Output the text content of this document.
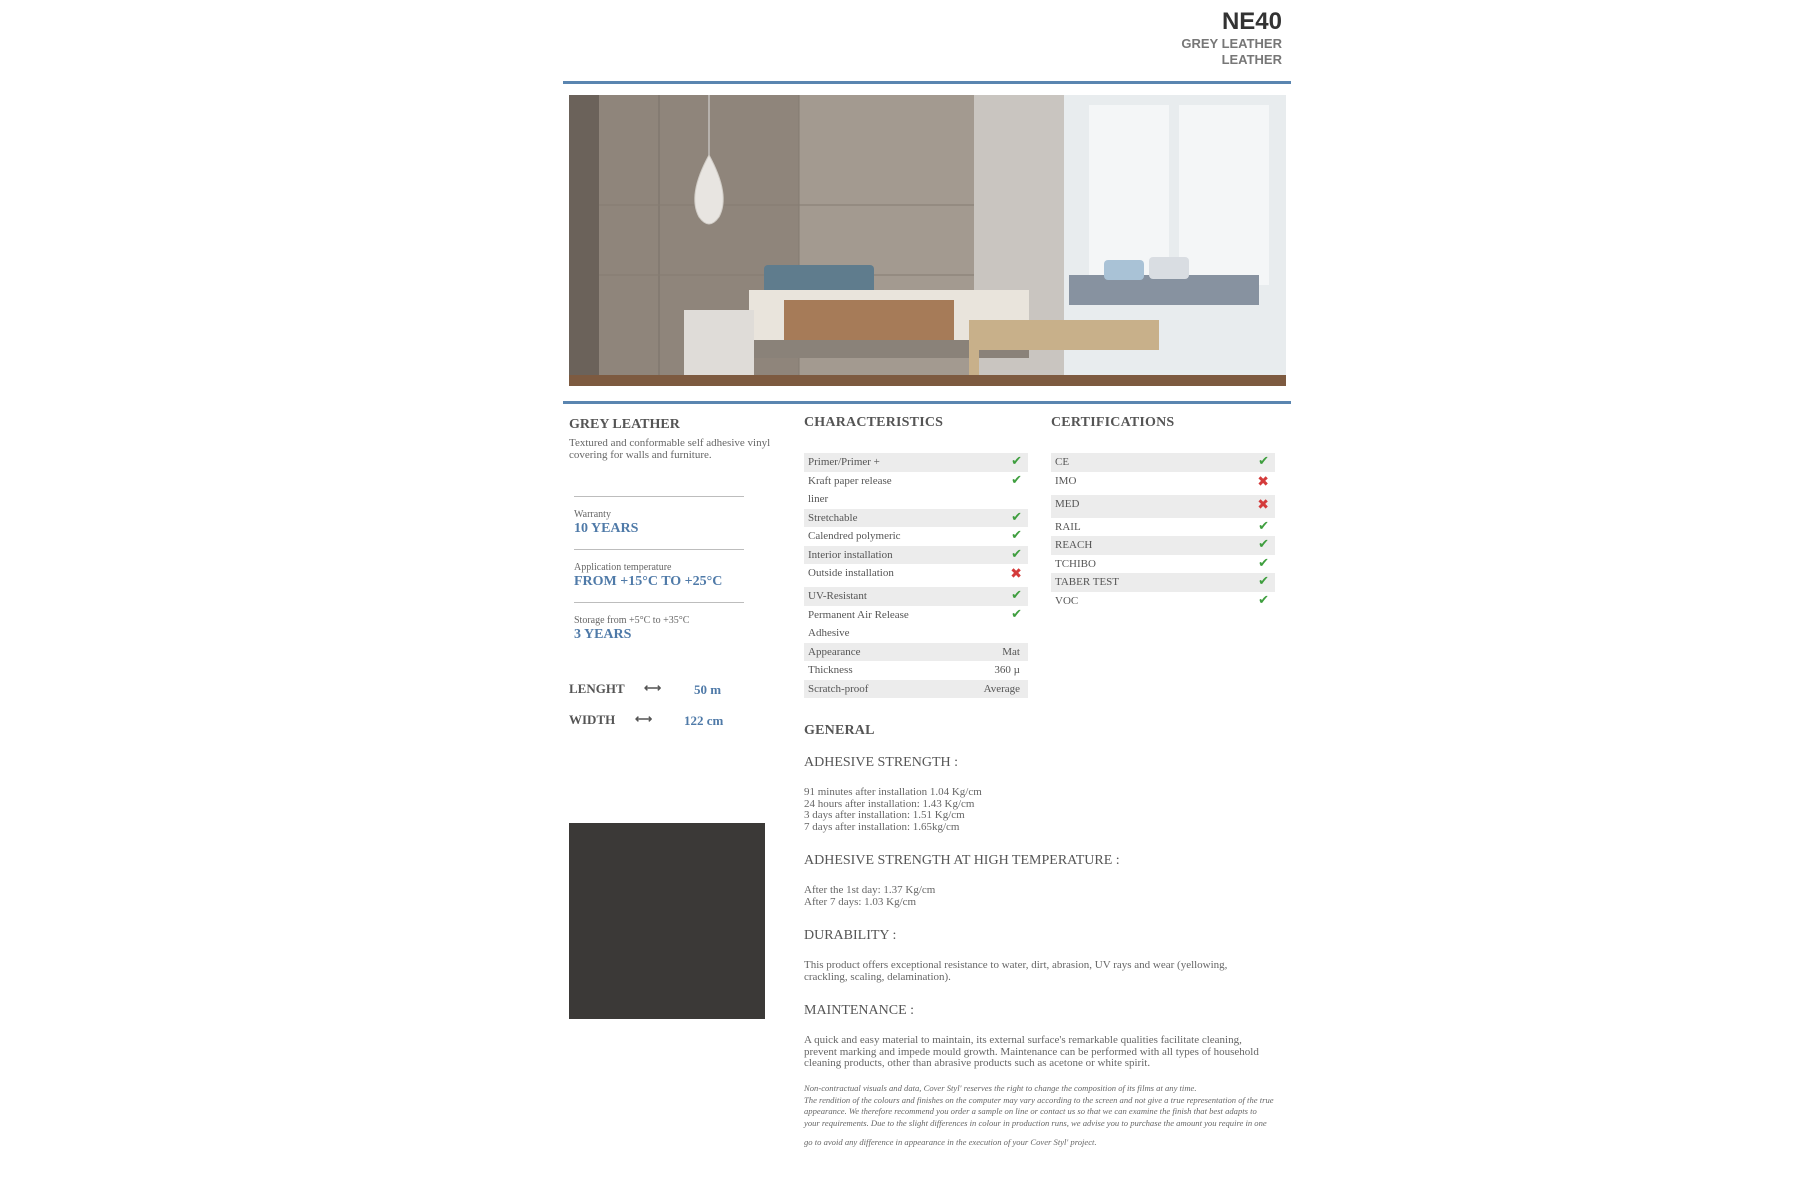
NE40
GREY LEATHER
LEATHER
GREY LEATHER
Textured and conformable self adhesive vinyl covering for walls and furniture.
Warranty
10 YEARS
Application temperature
FROM +15°C TO +25°C
Storage from +5°C to +35°C
3 YEARS
LENGHT ⟷	50 m
WIDTH ⟷ 122 cm
CHARACTERISTICS
Primer/Primer +	✔
Kraft paper release	✔
liner
Stretchable	✔
Calendred polymeric	✔
Interior installation	✔
Outside installation	✖
UV-Resistant	✔
Permanent Air Release	✔
Adhesive
Appearance	Mat
Thickness	360 µ
Scratch-proof	Average
CERTIFICATIONS
CE	✔
IMO	✖
MED	✖
RAIL	✔
REACH	✔
TCHIBO	✔
TABER TEST	✔
VOC	✔
GENERAL
ADHESIVE STRENGTH :
91 minutes after installation 1.04 Kg/cm
24 hours after installation: 1.43 Kg/cm
3 days after installation: 1.51 Kg/cm
7 days after installation: 1.65kg/cm
ADHESIVE STRENGTH AT HIGH TEMPERATURE :
After the 1st day: 1.37 Kg/cm
After 7 days: 1.03 Kg/cm
DURABILITY :
This product offers exceptional resistance to water, dirt, abrasion, UV rays and wear (yellowing,
crackling, scaling, delamination).
MAINTENANCE :
A quick and easy material to maintain, its external surface's remarkable qualities facilitate cleaning,
prevent marking and impede mould growth. Maintenance can be performed with all types of household
cleaning products, other than abrasive products such as acetone or white spirit.
Non-contractual visuals and data, Cover Styl' reserves the right to change the composition of its films at any time.
The rendition of the colours and finishes on the computer may vary according to the screen and not give a true representation of the true
appearance. We therefore recommend you order a sample on line or contact us so that we can examine the finish that best adapts to
your requirements. Due to the slight differences in colour in production runs, we advise you to purchase the amount you require in one
go to avoid any difference in appearance in the execution of your Cover Styl' project.
